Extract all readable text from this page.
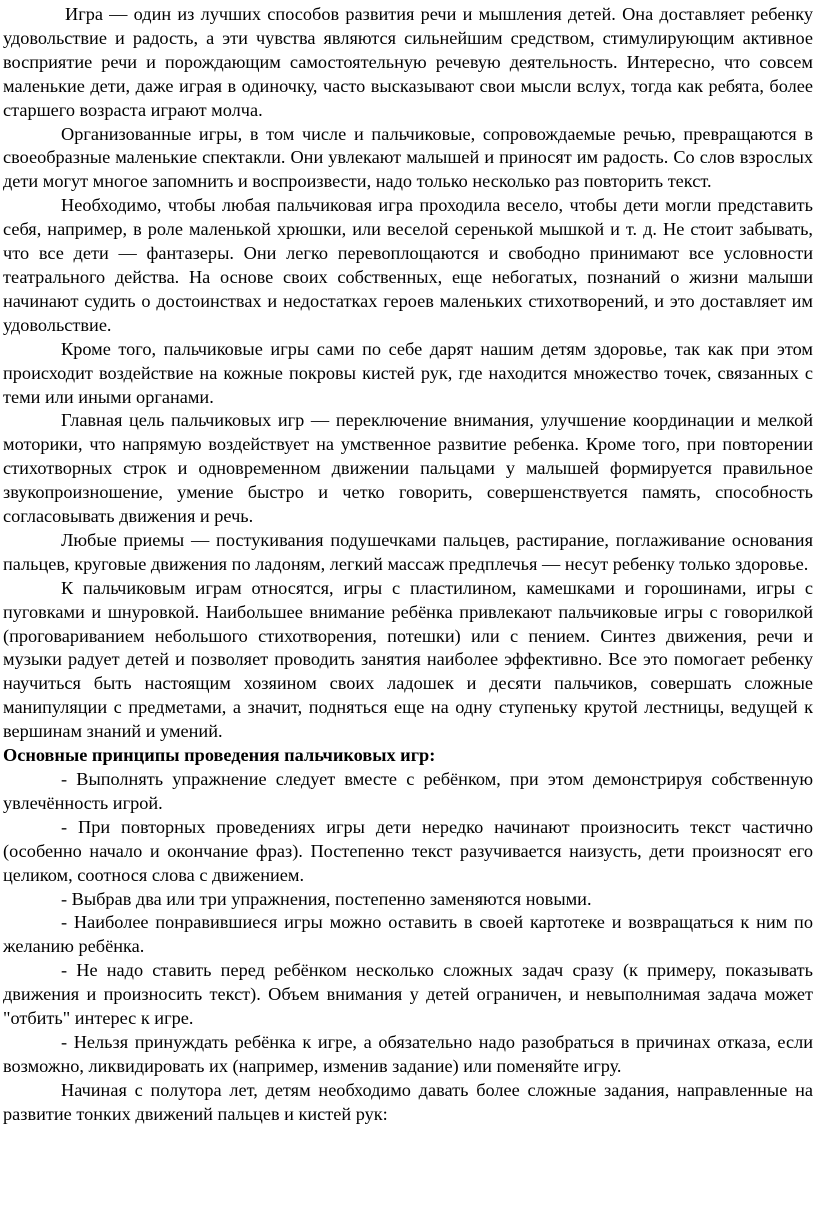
Игра — один из лучших способов развития речи и мышления детей. Она доставляет ребенку удовольствие и радость, а эти чувства являются сильнейшим средством, стимулирующим активное восприятие речи и порождающим самостоятельную речевую деятельность. Интересно, что совсем маленькие дети, даже играя в одиночку, часто высказывают свои мысли вслух, тогда как ребята, более старшего возраста играют молча.

Организованные игры, в том числе и пальчиковые, сопровождаемые речью, превращаются в своеобразные маленькие спектакли. Они увлекают малышей и приносят им радость. Со слов взрослых дети могут многое запомнить и воспроизвести, надо только несколько раз повторить текст.

Необходимо, чтобы любая пальчиковая игра проходила весело, чтобы дети могли представить себя, например, в роле маленькой хрюшки, или веселой серенькой мышкой и т. д. Не стоит забывать, что все дети — фантазеры. Они легко перевоплощаются и свободно принимают все условности театрального действа. На основе своих собственных, еще небогатых, познаний о жизни малыши начинают судить о достоинствах и недостатках героев маленьких стихотворений, и это доставляет им удовольствие.

Кроме того, пальчиковые игры сами по себе дарят нашим детям здоровье, так как при этом происходит воздействие на кожные покровы кистей рук, где находится множество точек, связанных с теми или иными органами.

Главная цель пальчиковых игр — переключение внимания, улучшение координации и мелкой моторики, что напрямую воздействует на умственное развитие ребенка. Кроме того, при повторении стихотворных строк и одновременном движении пальцами у малышей формируется правильное звукопроизношение, умение быстро и четко говорить, совершенствуется память, способность согласовывать движения и речь.

Любые приемы — постукивания подушечками пальцев, растирание, поглаживание основания пальцев, круговые движения по ладоням, легкий массаж предплечья — несут ребенку только здоровье.

К пальчиковым играм относятся, игры с пластилином, камешками и горошинами, игры с пуговками и шнуровкой. Наибольшее внимание ребёнка привлекают пальчиковые игры с говорилкой (проговариванием небольшого стихотворения, потешки) или с пением. Синтез движения, речи и музыки радует детей и позволяет проводить занятия наиболее эффективно. Все это помогает ребенку научиться быть настоящим хозяином своих ладошек и десяти пальчиков, совершать сложные манипуляции с предметами, а значит, подняться еще на одну ступеньку крутой лестницы, ведущей к вершинам знаний и умений.

Основные принципы проведения пальчиковых игр:

- Выполнять упражнение следует вместе с ребёнком, при этом демонстрируя собственную увлечённость игрой.

- При повторных проведениях игры дети нередко начинают произносить текст частично (особенно начало и окончание фраз). Постепенно текст разучивается наизусть, дети произносят его целиком, соотнося слова с движением.

- Выбрав два или три упражнения, постепенно заменяются новыми.

- Наиболее понравившиеся игры можно оставить в своей картотеке и возвращаться к ним по желанию ребёнка.

- Не надо ставить перед ребёнком несколько сложных задач сразу (к примеру, показывать движения и произносить текст). Объем внимания у детей ограничен, и невыполнимая задача может "отбить" интерес к игре.

- Нельзя принуждать ребёнка к игре, а обязательно надо разобраться в причинах отказа, если возможно, ликвидировать их (например, изменив задание) или поменяйте игру.

Начиная с полутора лет, детям необходимо давать более сложные задания, направленные на развитие тонких движений пальцев и кистей рук:
